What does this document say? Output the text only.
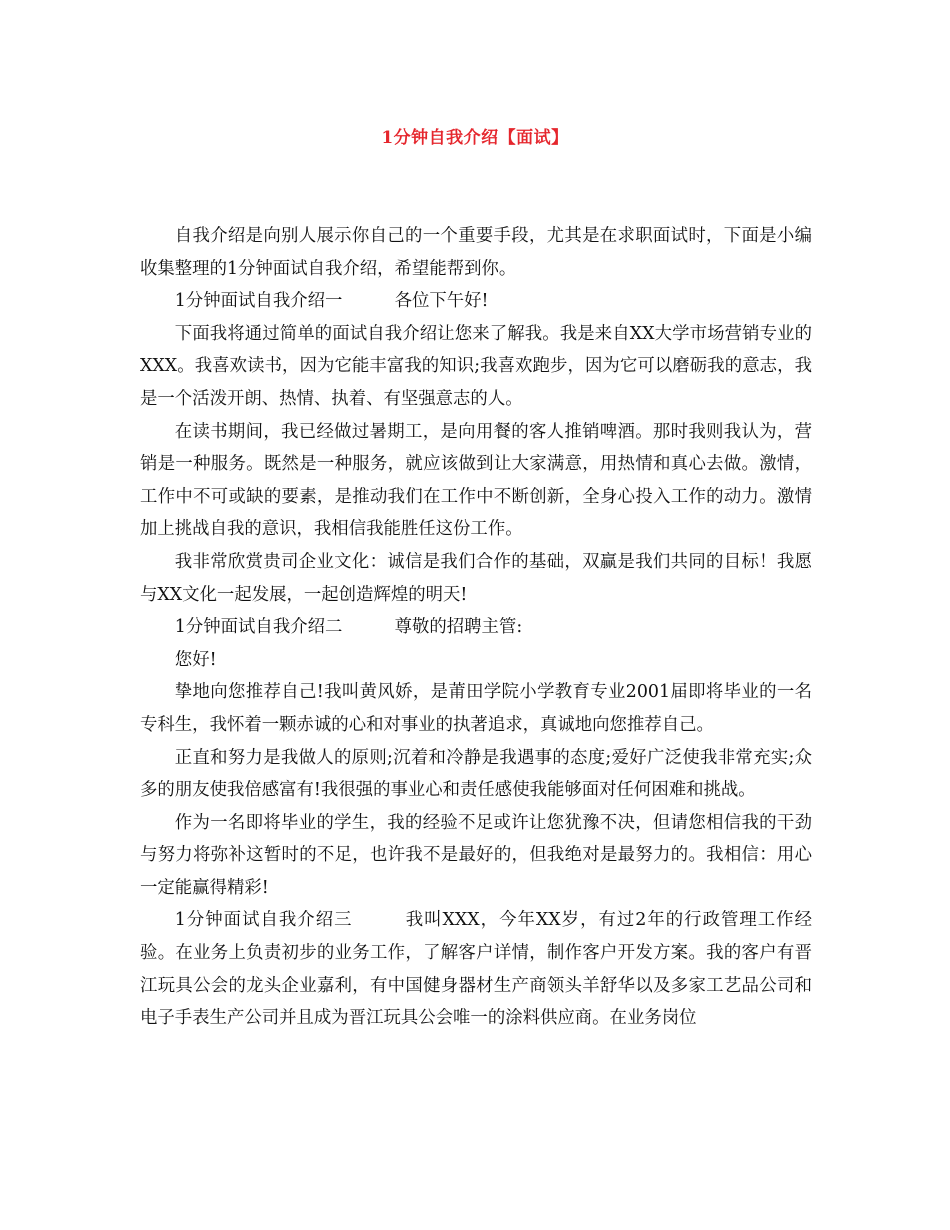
1分钟自我介绍【面试】

自我介绍是向别人展示你自己的一个重要手段，尤其是在求职面试时，下面是小编收集整理的1分钟面试自我介绍，希望能帮到你。

1分钟面试自我介绍一	各位下午好!

下面我将通过简单的面试自我介绍让您来了解我。我是来自XX大学市场营销专业的XXX。我喜欢读书，因为它能丰富我的知识;我喜欢跑步，因为它可以磨砺我的意志，我是一个活泼开朗、热情、执着、有坚强意志的人。

在读书期间，我已经做过暑期工，是向用餐的客人推销啤酒。那时我则我认为，营销是一种服务。既然是一种服务，就应该做到让大家满意，用热情和真心去做。激情，工作中不可或缺的要素，是推动我们在工作中不断创新，全身心投入工作的动力。激情加上挑战自我的意识，我相信我能胜任这份工作。

我非常欣赏贵司企业文化：诚信是我们合作的基础，双赢是我们共同的目标！我愿与XX文化一起发展，一起创造辉煌的明天!

1分钟面试自我介绍二	尊敬的招聘主管:

您好!

挚地向您推荐自己!我叫黄风娇，是莆田学院小学教育专业2001届即将毕业的一名专科生，我怀着一颗赤诚的心和对事业的执著追求，真诚地向您推荐自己。

正直和努力是我做人的原则;沉着和冷静是我遇事的态度;爱好广泛使我非常充实;众多的朋友使我倍感富有!我很强的事业心和责任感使我能够面对任何困难和挑战。

作为一名即将毕业的学生，我的经验不足或许让您犹豫不决，但请您相信我的干劲与努力将弥补这暂时的不足，也许我不是最好的，但我绝对是最努力的。我相信：用心一定能赢得精彩!

1分钟面试自我介绍三	我叫XXX，今年XX岁，有过2年的行政管理工作经验。在业务上负责初步的业务工作，了解客户详情，制作客户开发方案。我的客户有晋江玩具公会的龙头企业嘉利，有中国健身器材生产商领头羊舒华以及多家工艺品公司和电子手表生产公司并且成为晋江玩具公会唯一的涂料供应商。在业务岗位
